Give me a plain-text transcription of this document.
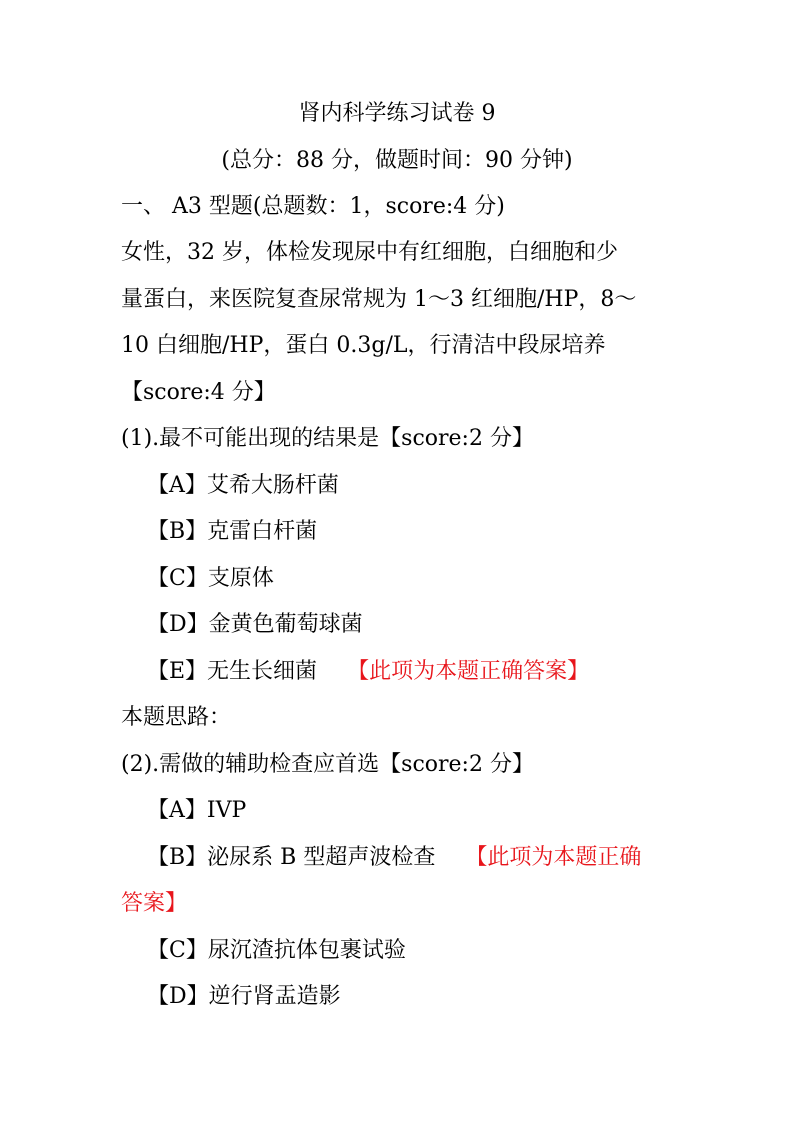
肾内科学练习试卷 9
(总分：88 分，做题时间：90 分钟)
一、 A3 型题(总题数：1，score:4 分)
女性，32 岁，体检发现尿中有红细胞，白细胞和少
量蛋白，来医院复查尿常规为 1～3 红细胞/HP，8～
10 白细胞/HP，蛋白 0.3g/L，行清洁中段尿培养
【score:4 分】
(1).最不可能出现的结果是【score:2 分】
【A】艾希大肠杆菌
【B】克雷白杆菌
【C】支原体
【D】金黄色葡萄球菌
【E】无生长细菌 【此项为本题正确答案】
本题思路：
(2).需做的辅助检查应首选【score:2 分】
【A】IVP
【B】泌尿系 B 型超声波检查 【此项为本题正确
答案】
【C】尿沉渣抗体包裹试验
【D】逆行肾盂造影
